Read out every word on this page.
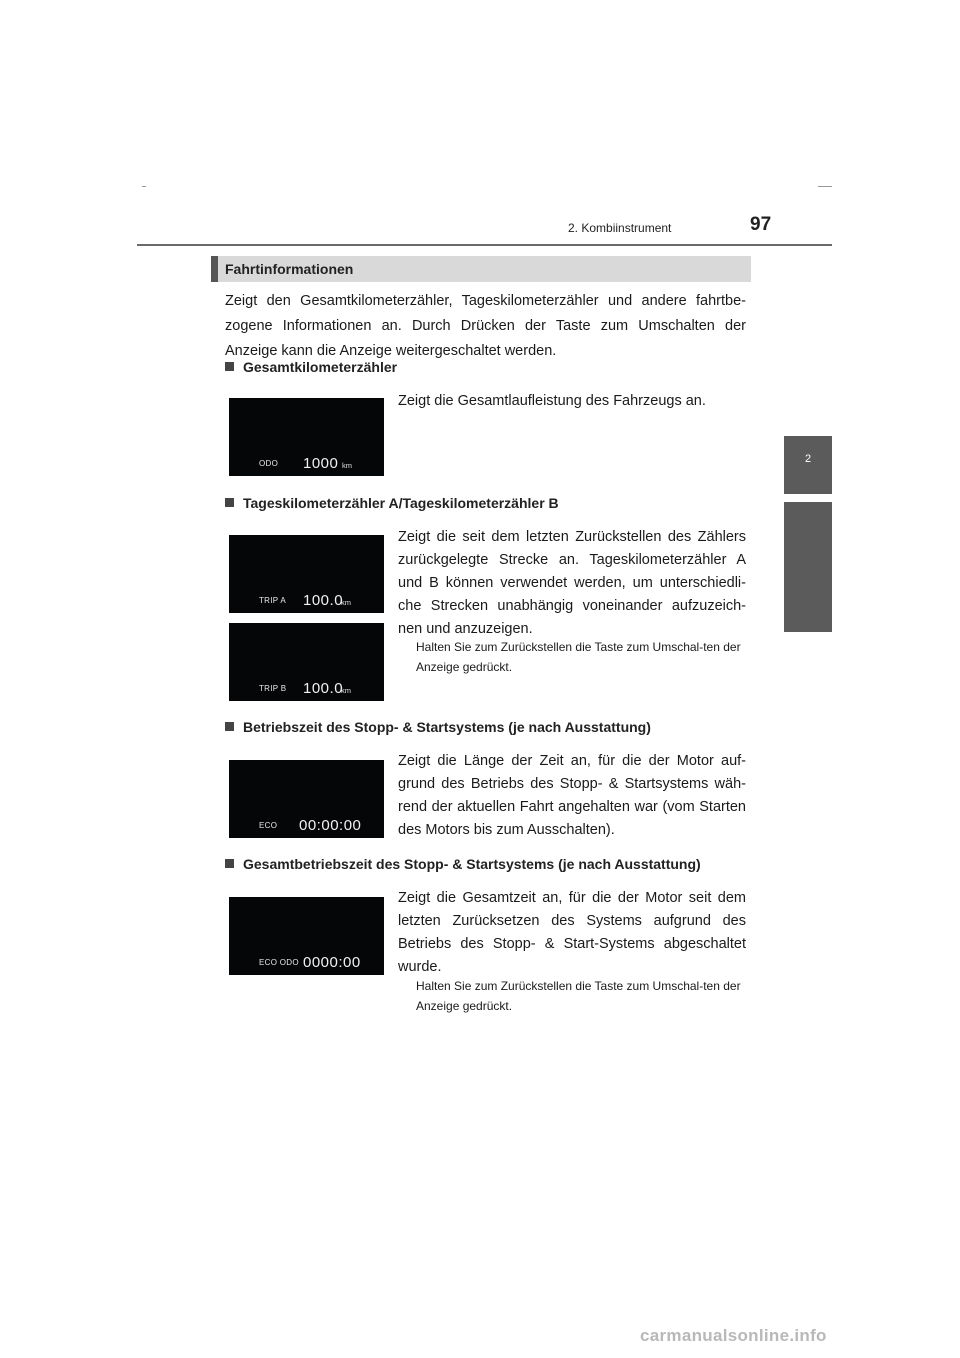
2. Kombiinstrument	97
2
Instrumententafel
Fahrtinformationen
Zeigt den Gesamtkilometerzähler, Tageskilometerzähler und andere fahrtbe-zogene Informationen an. Durch Drücken der Taste zum Umschalten der Anzeige kann die Anzeige weitergeschaltet werden.
Gesamtkilometerzähler
ODO 1000 km
Zeigt die Gesamtlaufleistung des Fahrzeugs an.
Tageskilometerzähler A/Tageskilometerzähler B
TRIP A 100.0
km
TRIP B 100.0
km
Zeigt die seit dem letzten Zurückstellen des Zählers zurückgelegte Strecke an. Tageskilometerzähler A und B können verwendet werden, um unterschiedli-che Strecken unabhängig voneinander aufzuzeich-nen und anzuzeigen.
Halten Sie zum Zurückstellen die Taste zum Umschal-ten der Anzeige gedrückt.
Betriebszeit des Stopp- & Startsystems (je nach Ausstattung)
ECO 00:00:00
Zeigt die Länge der Zeit an, für die der Motor auf-grund des Betriebs des Stopp- & Startsystems wäh-rend der aktuellen Fahrt angehalten war (vom Starten des Motors bis zum Ausschalten).
Gesamtbetriebszeit des Stopp- & Startsystems (je nach Ausstattung)
ECO ODO 0000:00
Zeigt die Gesamtzeit an, für die der Motor seit dem letzten Zurücksetzen des Systems aufgrund des Betriebs des Stopp- & Start-Systems abgeschaltet wurde.
Halten Sie zum Zurückstellen die Taste zum Umschal-ten der Anzeige gedrückt.
carmanualsonline.info
